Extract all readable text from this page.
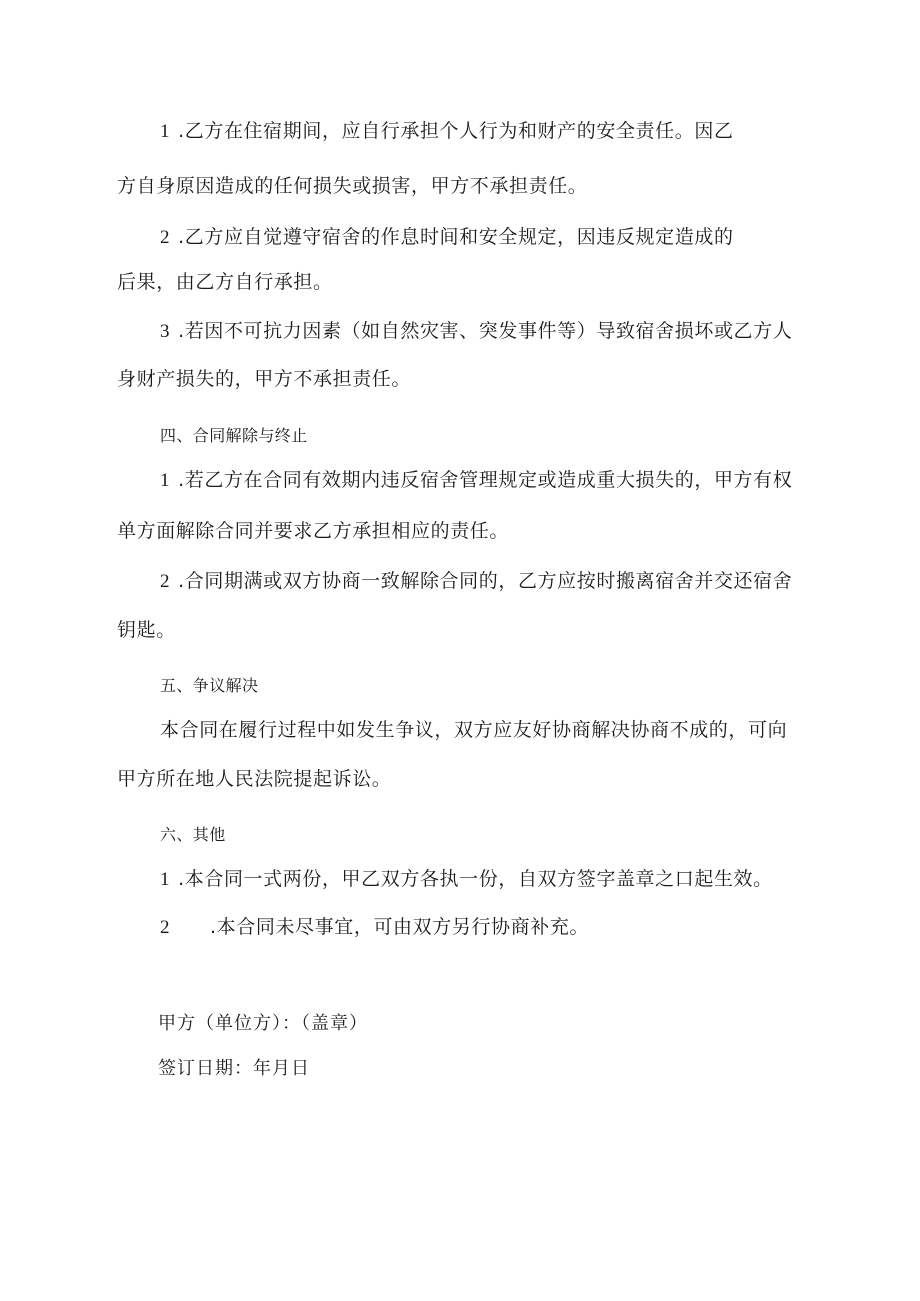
1 .乙方在住宿期间，应自行承担个人行为和财产的安全责任。因乙
方自身原因造成的任何损失或损害，甲方不承担责任。
2 .乙方应自觉遵守宿舍的作息时间和安全规定，因违反规定造成的
后果，由乙方自行承担。
3 .若因不可抗力因素（如自然灾害、突发事件等）导致宿舍损坏或乙方人
身财产损失的，甲方不承担责任。
四、合同解除与终止
1 .若乙方在合同有效期内违反宿舍管理规定或造成重大损失的，甲方有权
单方面解除合同并要求乙方承担相应的责任。
2 .合同期满或双方协商一致解除合同的，乙方应按时搬离宿舍并交还宿舍
钥匙。
五、争议解决
本合同在履行过程中如发生争议，双方应友好协商解决协商不成的，可向
甲方所在地人民法院提起诉讼。
六、其他
1 .本合同一式两份，甲乙双方各执一份，自双方签字盖章之口起生效。
2 .本合同未尽事宜，可由双方另行协商补充。
甲方（单位方）：（盖章）
签订日期：年月日
